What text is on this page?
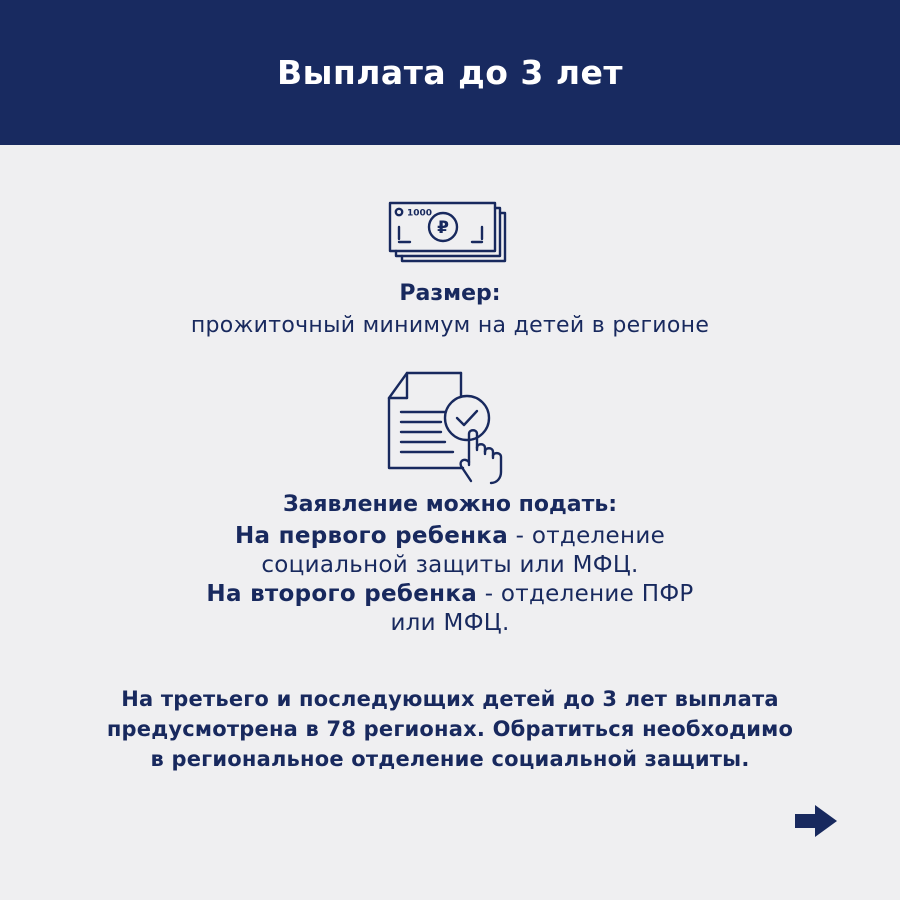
Выплата до 3 лет
1000
₽
Размер:
прожиточный минимум на детей в регионе
Заявление можно подать:
На первого ребенка - отделение
социальной защиты или МФЦ.
На второго ребенка - отделение ПФР
или МФЦ.
На третьего и последующих детей до 3 лет выплата
предусмотрена в 78 регионах. Обратиться необходимо
в региональное отделение социальной защиты.
